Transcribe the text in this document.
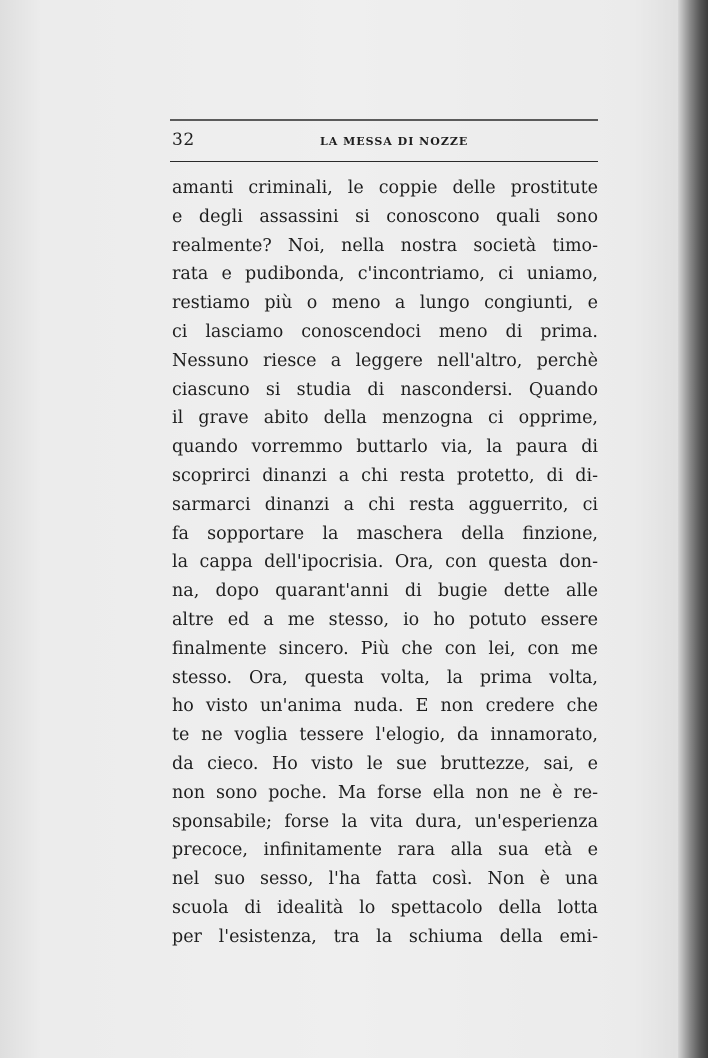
32	LA MESSA DI NOZZE
amanti criminali, le coppie delle prostitute
e degli assassini si conoscono quali sono
realmente? Noi, nella nostra società timo-
rata e pudibonda, c'incontriamo, ci uniamo,
restiamo più o meno a lungo congiunti, e
ci lasciamo conoscendoci meno di prima.
Nessuno riesce a leggere nell'altro, perchè
ciascuno si studia di nascondersi. Quando
il grave abito della menzogna ci opprime,
quando vorremmo buttarlo via, la paura di
scoprirci dinanzi a chi resta protetto, di di-
sarmarci dinanzi a chi resta agguerrito, ci
fa sopportare la maschera della finzione,
la cappa dell'ipocrisia. Ora, con questa don-
na, dopo quarant'anni di bugie dette alle
altre ed a me stesso, io ho potuto essere
finalmente sincero. Più che con lei, con me
stesso. Ora, questa volta, la prima volta,
ho visto un'anima nuda. E non credere che
te ne voglia tessere l'elogio, da innamorato,
da cieco. Ho visto le sue bruttezze, sai, e
non sono poche. Ma forse ella non ne è re-
sponsabile; forse la vita dura, un'esperienza
precoce, infinitamente rara alla sua età e
nel suo sesso, l'ha fatta così. Non è una
scuola di idealità lo spettacolo della lotta
per l'esistenza, tra la schiuma della emi-
